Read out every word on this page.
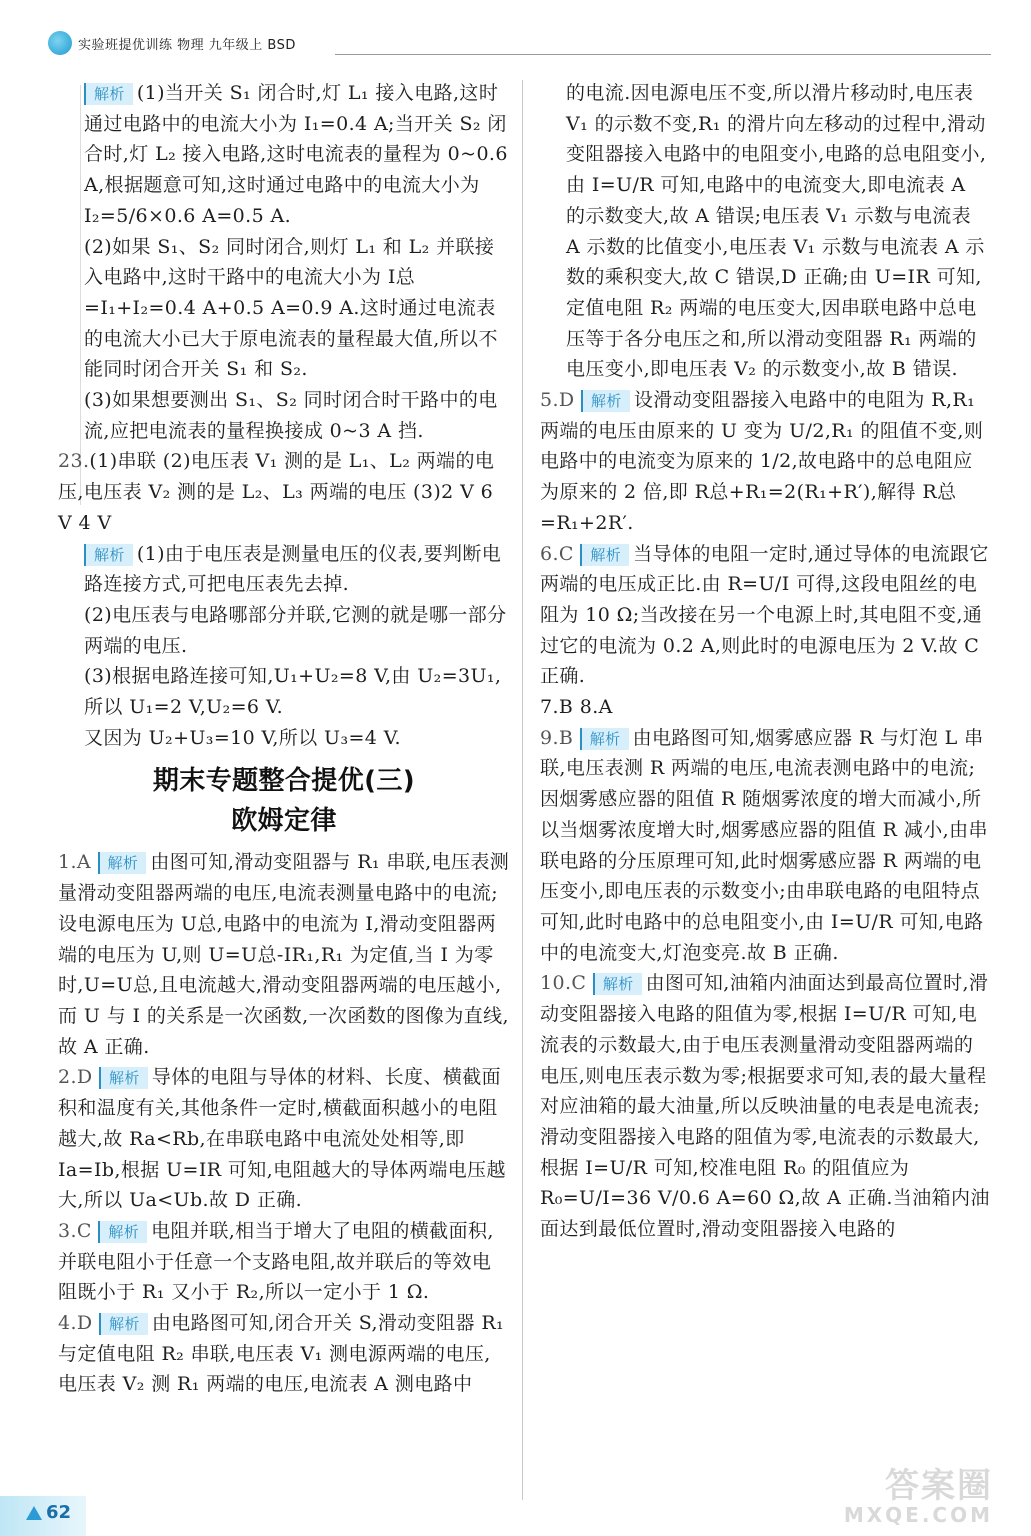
实验班提优训练 物理 九年级上 BSD

解析 (1)当开关 S₁ 闭合时,灯 L₁ 接入电路,这时通过电路中的电流大小为 I₁=0.4 A;当开关 S₂ 闭合时,灯 L₂ 接入电路,这时电流表的量程为 0~0.6 A,根据题意可知,这时通过电路中的电流大小为 I₂=5/6×0.6 A=0.5 A.

(2)如果 S₁、S₂ 同时闭合,则灯 L₁ 和 L₂ 并联接入电路中,这时干路中的电流大小为 I总=I₁+I₂=0.4 A+0.5 A=0.9 A.这时通过电流表的电流大小已大于原电流表的量程最大值,所以不能同时闭合开关 S₁ 和 S₂.

(3)如果想要测出 S₁、S₂ 同时闭合时干路中的电流,应把电流表的量程换接成 0~3 A 挡.

23.(1)串联 (2)电压表 V₁ 测的是 L₁、L₂ 两端的电压,电压表 V₂ 测的是 L₂、L₃ 两端的电压 (3)2 V 6 V 4 V

解析 (1)由于电压表是测量电压的仪表,要判断电路连接方式,可把电压表先去掉.

(2)电压表与电路哪部分并联,它测的就是哪一部分两端的电压.

(3)根据电路连接可知,U₁+U₂=8 V,由 U₂=3U₁,所以 U₁=2 V,U₂=6 V.

又因为 U₂+U₃=10 V,所以 U₃=4 V.

期末专题整合提优(三)
欧姆定律

1.A 解析 由图可知,滑动变阻器与 R₁ 串联,电压表测量滑动变阻器两端的电压,电流表测量电路中的电流;设电源电压为 U总,电路中的电流为 I,滑动变阻器两端的电压为 U,则 U=U总-IR₁,R₁ 为定值,当 I 为零时,U=U总,且电流越大,滑动变阻器两端的电压越小,而 U 与 I 的关系是一次函数,一次函数的图像为直线,故 A 正确.

2.D 解析 导体的电阻与导体的材料、长度、横截面积和温度有关,其他条件一定时,横截面积越小的电阻越大,故 Ra<Rb,在串联电路中电流处处相等,即 Ia=Ib,根据 U=IR 可知,电阻越大的导体两端电压越大,所以 Ua<Ub.故 D 正确.

3.C 解析 电阻并联,相当于增大了电阻的横截面积,并联电阻小于任意一个支路电阻,故并联后的等效电阻既小于 R₁ 又小于 R₂,所以一定小于 1 Ω.

4.D 解析 由电路图可知,闭合开关 S,滑动变阻器 R₁ 与定值电阻 R₂ 串联,电压表 V₁ 测电源两端的电压,电压表 V₂ 测 R₁ 两端的电压,电流表 A 测电路中

的电流.因电源电压不变,所以滑片移动时,电压表 V₁ 的示数不变,R₁ 的滑片向左移动的过程中,滑动变阻器接入电路中的电阻变小,电路的总电阻变小,由 I=U/R 可知,电路中的电流变大,即电流表 A 的示数变大,故 A 错误;电压表 V₁ 示数与电流表 A 示数的比值变小,电压表 V₁ 示数与电流表 A 示数的乘积变大,故 C 错误,D 正确;由 U=IR 可知,定值电阻 R₂ 两端的电压变大,因串联电路中总电压等于各分电压之和,所以滑动变阻器 R₁ 两端的电压变小,即电压表 V₂ 的示数变小,故 B 错误.

5.D 解析 设滑动变阻器接入电路中的电阻为 R,R₁ 两端的电压由原来的 U 变为 U/2,R₁ 的阻值不变,则电路中的电流变为原来的 1/2,故电路中的总电阻应为原来的 2 倍,即 R总+R₁=2(R₁+R′),解得 R总=R₁+2R′.

6.C 解析 当导体的电阻一定时,通过导体的电流跟它两端的电压成正比.由 R=U/I 可得,这段电阻丝的电阻为 10 Ω;当改接在另一个电源上时,其电阻不变,通过它的电流为 0.2 A,则此时的电源电压为 2 V.故 C 正确.

7.B 8.A

9.B 解析 由电路图可知,烟雾感应器 R 与灯泡 L 串联,电压表测 R 两端的电压,电流表测电路中的电流;因烟雾感应器的阻值 R 随烟雾浓度的增大而减小,所以当烟雾浓度增大时,烟雾感应器的阻值 R 减小,由串联电路的分压原理可知,此时烟雾感应器 R 两端的电压变小,即电压表的示数变小;由串联电路的电阻特点可知,此时电路中的总电阻变小,由 I=U/R 可知,电路中的电流变大,灯泡变亮.故 B 正确.

10.C 解析 由图可知,油箱内油面达到最高位置时,滑动变阻器接入电路的阻值为零,根据 I=U/R 可知,电流表的示数最大,由于电压表测量滑动变阻器两端的电压,则电压表示数为零;根据要求可知,表的最大量程对应油箱的最大油量,所以反映油量的电表是电流表;滑动变阻器接入电路的阻值为零,电流表的示数最大,根据 I=U/R 可知,校准电阻 R₀ 的阻值应为 R₀=U/I=36 V/0.6 A=60 Ω,故 A 正确.当油箱内油面达到最低位置时,滑动变阻器接入电路的

62
答案圈
MXQE.COM
